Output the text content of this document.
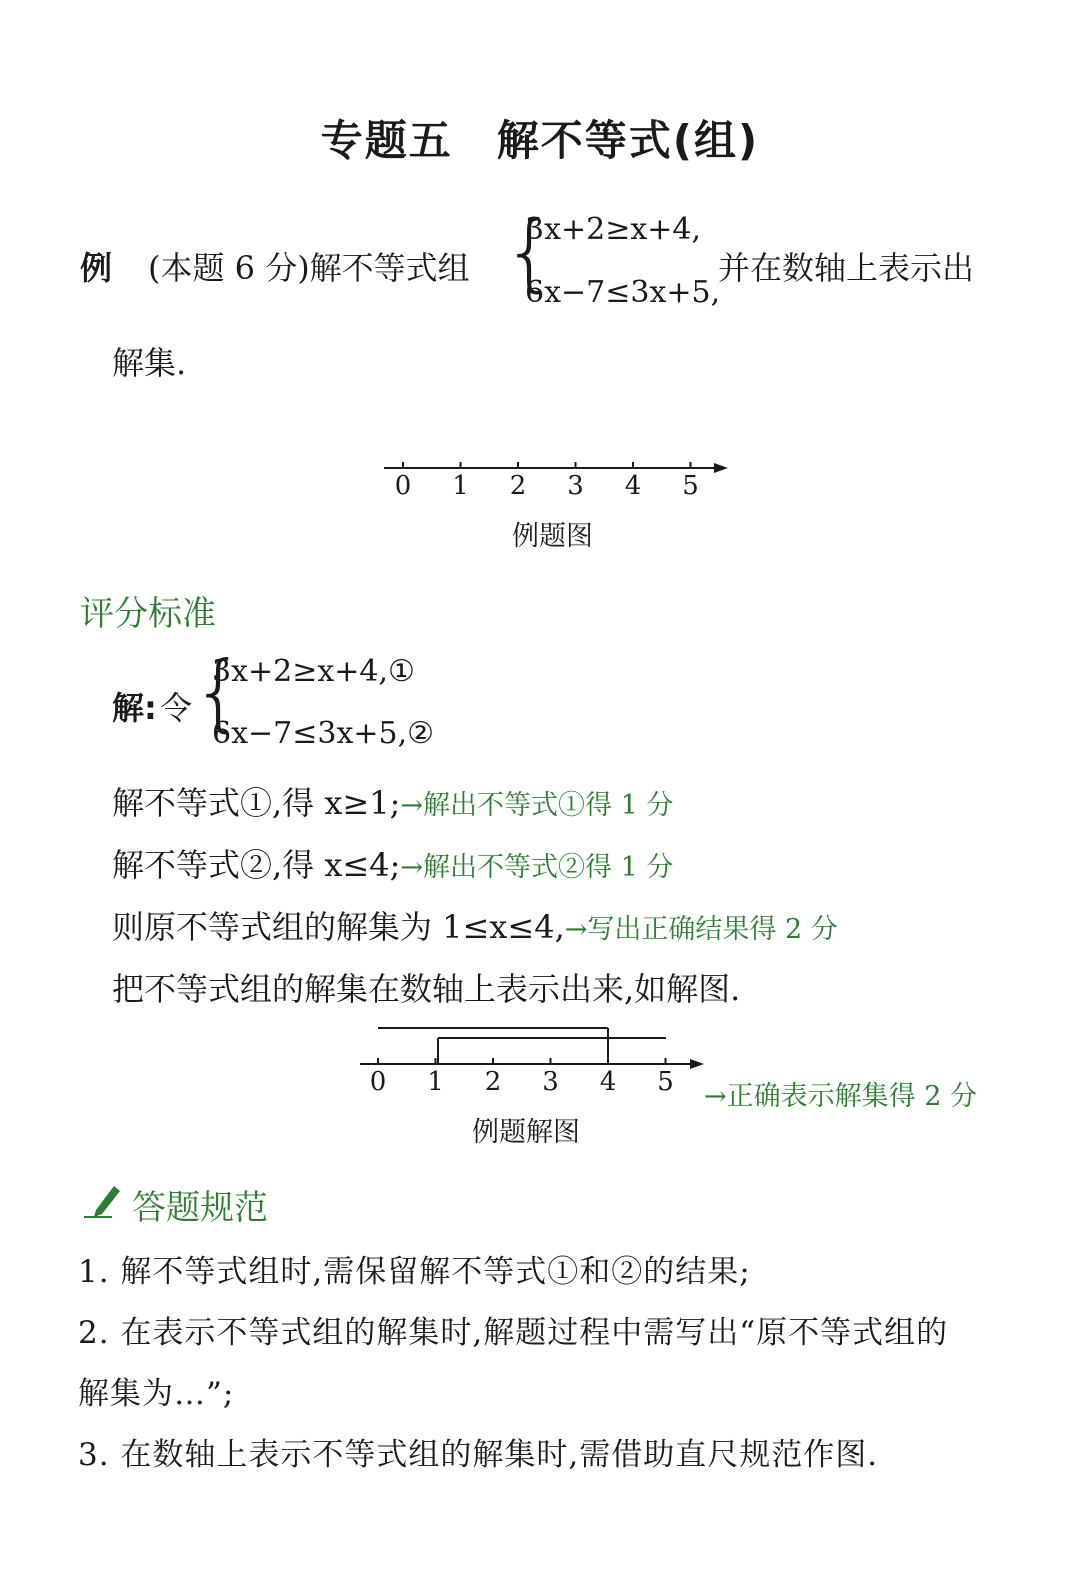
专题五 解不等式(组)
例 (本题 6 分)解不等式组 {
3x+2≥x+4,
6x−7≤3x+5,
并在数轴上表示出
解集.
0 1 2 3 4 5
例题图
评分标准
解: 令 {
3x+2≥x+4,①
6x−7≤3x+5,②
解不等式①,得 x≥1;→解出不等式①得 1 分
解不等式②,得 x≤4;→解出不等式②得 1 分
则原不等式组的解集为 1≤x≤4,→写出正确结果得 2 分
把不等式组的解集在数轴上表示出来,如解图.
0 1 2 3 4 5 →正确表示解集得 2 分
例题解图
答题规范
1. 解不等式组时,需保留解不等式①和②的结果;
2. 在表示不等式组的解集时,解题过程中需写出“原不等式组的
解集为…”;
3. 在数轴上表示不等式组的解集时,需借助直尺规范作图.
